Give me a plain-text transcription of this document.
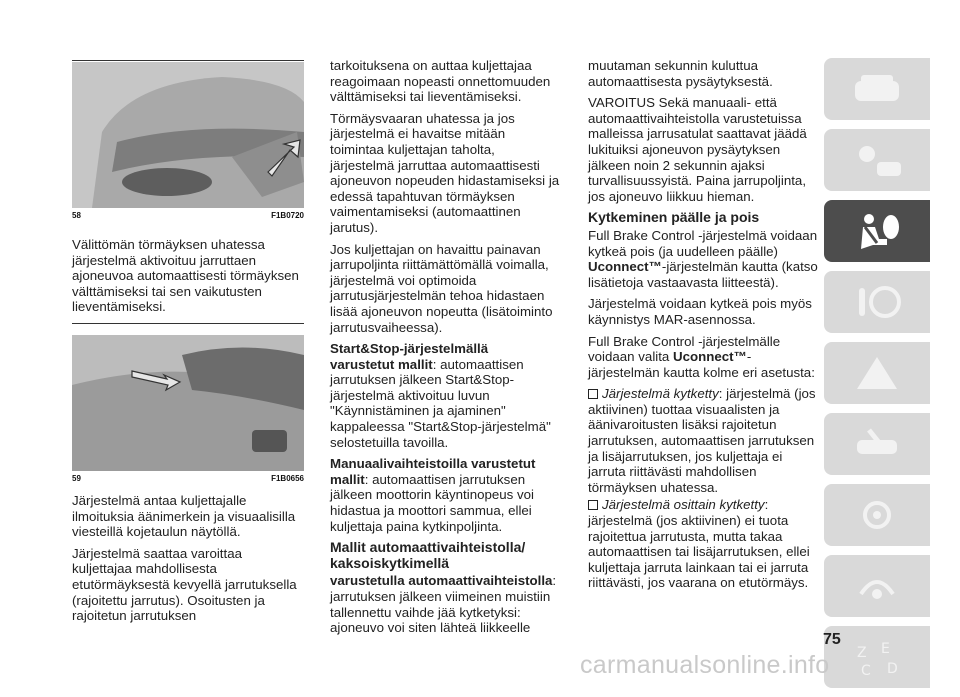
58	F1B0720

Välittömän törmäyksen uhatessa järjestelmä aktivoituu jarruttaen ajoneuvoa automaattisesti törmäyksen välttämiseksi tai sen vaikutusten lieventämiseksi.

59	F1B0656

Järjestelmä antaa kuljettajalle ilmoituksia äänimerkein ja visuaalisilla viesteillä kojetaulun näytöllä.

Järjestelmä saattaa varoittaa kuljettajaa mahdollisesta etutörmäyksestä kevyellä jarrutuksella (rajoitettu jarrutus). Osoitusten ja rajoitetun jarrutuksen

tarkoituksena on auttaa kuljettajaa reagoimaan nopeasti onnettomuuden välttämiseksi tai lieventämiseksi.

Törmäysvaaran uhatessa ja jos järjestelmä ei havaitse mitään toimintaa kuljettajan taholta, järjestelmä jarruttaa automaattisesti ajoneuvon nopeuden hidastamiseksi ja edessä tapahtuvan törmäyksen vaimentamiseksi (automaattinen jarutus).

Jos kuljettajan on havaittu painavan jarrupoljinta riittämättömällä voimalla, järjestelmä voi optimoida jarrutusjärjestelmän tehoa hidastaen lisää ajoneuvon nopeutta (lisätoiminto jarrutusvaiheessa).

Start&Stop-järjestelmällä
varustetut mallit: automaattisen jarrutuksen jälkeen Start&Stop-järjestelmä aktivoituu luvun "Käynnistäminen ja ajaminen" kappaleessa "Start&Stop-järjestelmä" selostetuilla tavoilla.

Manuaalivaihteistoilla varustetut
mallit: automaattisen jarrutuksen jälkeen moottorin käyntinopeus voi hidastua ja moottori sammua, ellei kuljettaja paina kytkinpoljinta.

Mallit automaattivaihteistolla/ kaksoiskytkimellä

varustetulla automaattivaihteistolla: jarrutuksen jälkeen viimeinen muistiin tallennettu vaihde jää kytketyksi: ajoneuvo voi siten lähteä liikkeelle

muutaman sekunnin kuluttua automaattisesta pysäytyksestä.

VAROITUS Sekä manuaali- että automaattivaihteistolla varustetuissa malleissa jarrusatulat saattavat jäädä lukituiksi ajoneuvon pysäytyksen jälkeen noin 2 sekunnin ajaksi turvallisuussyistä. Paina jarrupoljinta, jos ajoneuvo liikkuu hieman.

Kytkeminen päälle ja pois

Full Brake Control -järjestelmä voidaan kytkeä pois (ja uudelleen päälle) Uconnect™-järjestelmän kautta (katso lisätietoja vastaavasta liitteestä).

Järjestelmä voidaan kytkeä pois myös käynnistys MAR-asennossa.

Full Brake Control -järjestelmälle voidaan valita Uconnect™-järjestelmän kautta kolme eri asetusta:

Järjestelmä kytketty: järjestelmä (jos aktiivinen) tuottaa visuaalisten ja äänivaroitusten lisäksi rajoitetun jarrutuksen, automaattisen jarrutuksen ja lisäjarrutuksen, jos kuljettaja ei jarruta riittävästi mahdollisen törmäyksen uhatessa.

Järjestelmä osittain kytketty: järjestelmä (jos aktiivinen) ei tuota rajoitettua jarrutusta, mutta takaa automaattisen tai lisäjarrutuksen, ellei kuljettaja jarruta lainkaan tai ei jarruta riittävästi, jos vaarana on etutörmäys.

Z E
C D
75
carmanualsonline.info
